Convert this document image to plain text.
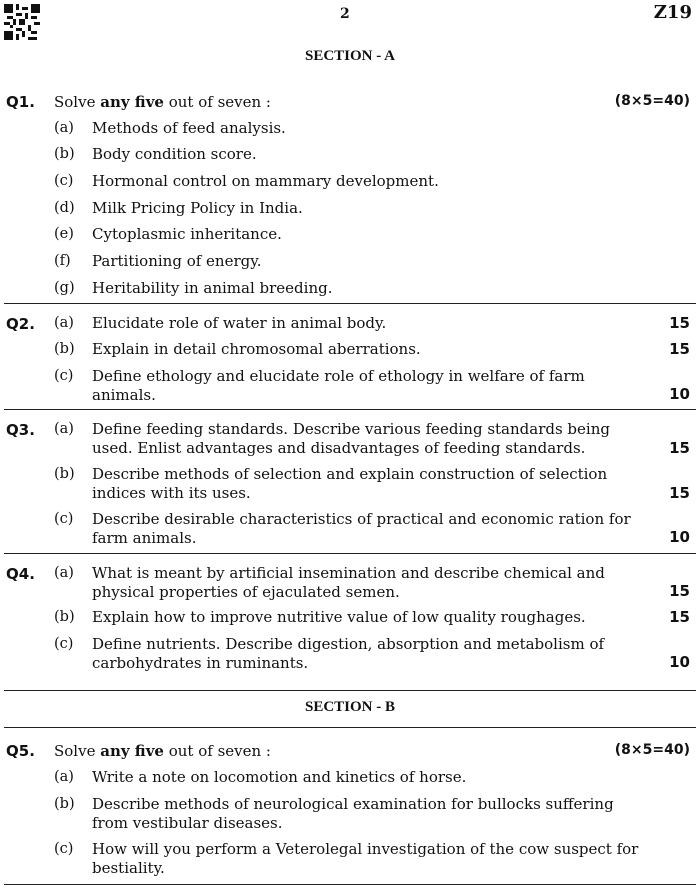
2	Z19
SECTION - A
Q1. Solve any five out of seven :	(8×5=40)
(a) Methods of feed analysis.
(b) Body condition score.
(c) Hormonal control on mammary development.
(d) Milk Pricing Policy in India.
(e) Cytoplasmic inheritance.
(f) Partitioning of energy.
(g) Heritability in animal breeding.
Q2. (a) Elucidate role of water in animal body.	15
(b) Explain in detail chromosomal aberrations.	15
(c) Define ethology and elucidate role of ethology in welfare of farm animals.	10
Q3. (a) Define feeding standards. Describe various feeding standards being used. Enlist advantages and disadvantages of feeding standards.	15
(b) Describe methods of selection and explain construction of selection indices with its uses.	15
(c) Describe desirable characteristics of practical and economic ration for farm animals.	10
Q4. (a) What is meant by artificial insemination and describe chemical and physical properties of ejaculated semen.	15
(b) Explain how to improve nutritive value of low quality roughages.	15
(c) Define nutrients. Describe digestion, absorption and metabolism of carbohydrates in ruminants.	10
SECTION - B
Q5. Solve any five out of seven :	(8×5=40)
(a) Write a note on locomotion and kinetics of horse.
(b) Describe methods of neurological examination for bullocks suffering from vestibular diseases.
(c) How will you perform a Veterolegal investigation of the cow suspect for bestiality.
